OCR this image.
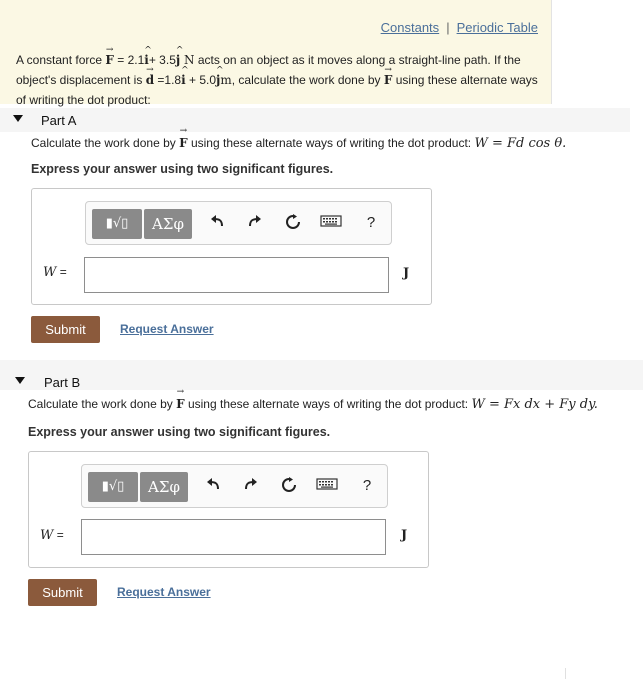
Constants | Periodic Table
A constant force → F = 2.1^ i+ 3.5^ j N acts on an object as it moves along a straight-line path. If the object's displacement is → d =1.8^ i + 5.0^ jm, calculate the work done by → F using these alternate ways of writing the dot product:
Part A
Calculate the work done by → F using these alternate ways of writing the dot product: W = Fd cos θ.
Express your answer using two significant figures.
▮√▯	ΑΣφ	?
W =	J
Submit	Request Answer
Part B
Calculate the work done by → F using these alternate ways of writing the dot product: W = Fx dx + Fy dy.
Express your answer using two significant figures.
▮√▯	ΑΣφ	?
W =	J
Submit	Request Answer
